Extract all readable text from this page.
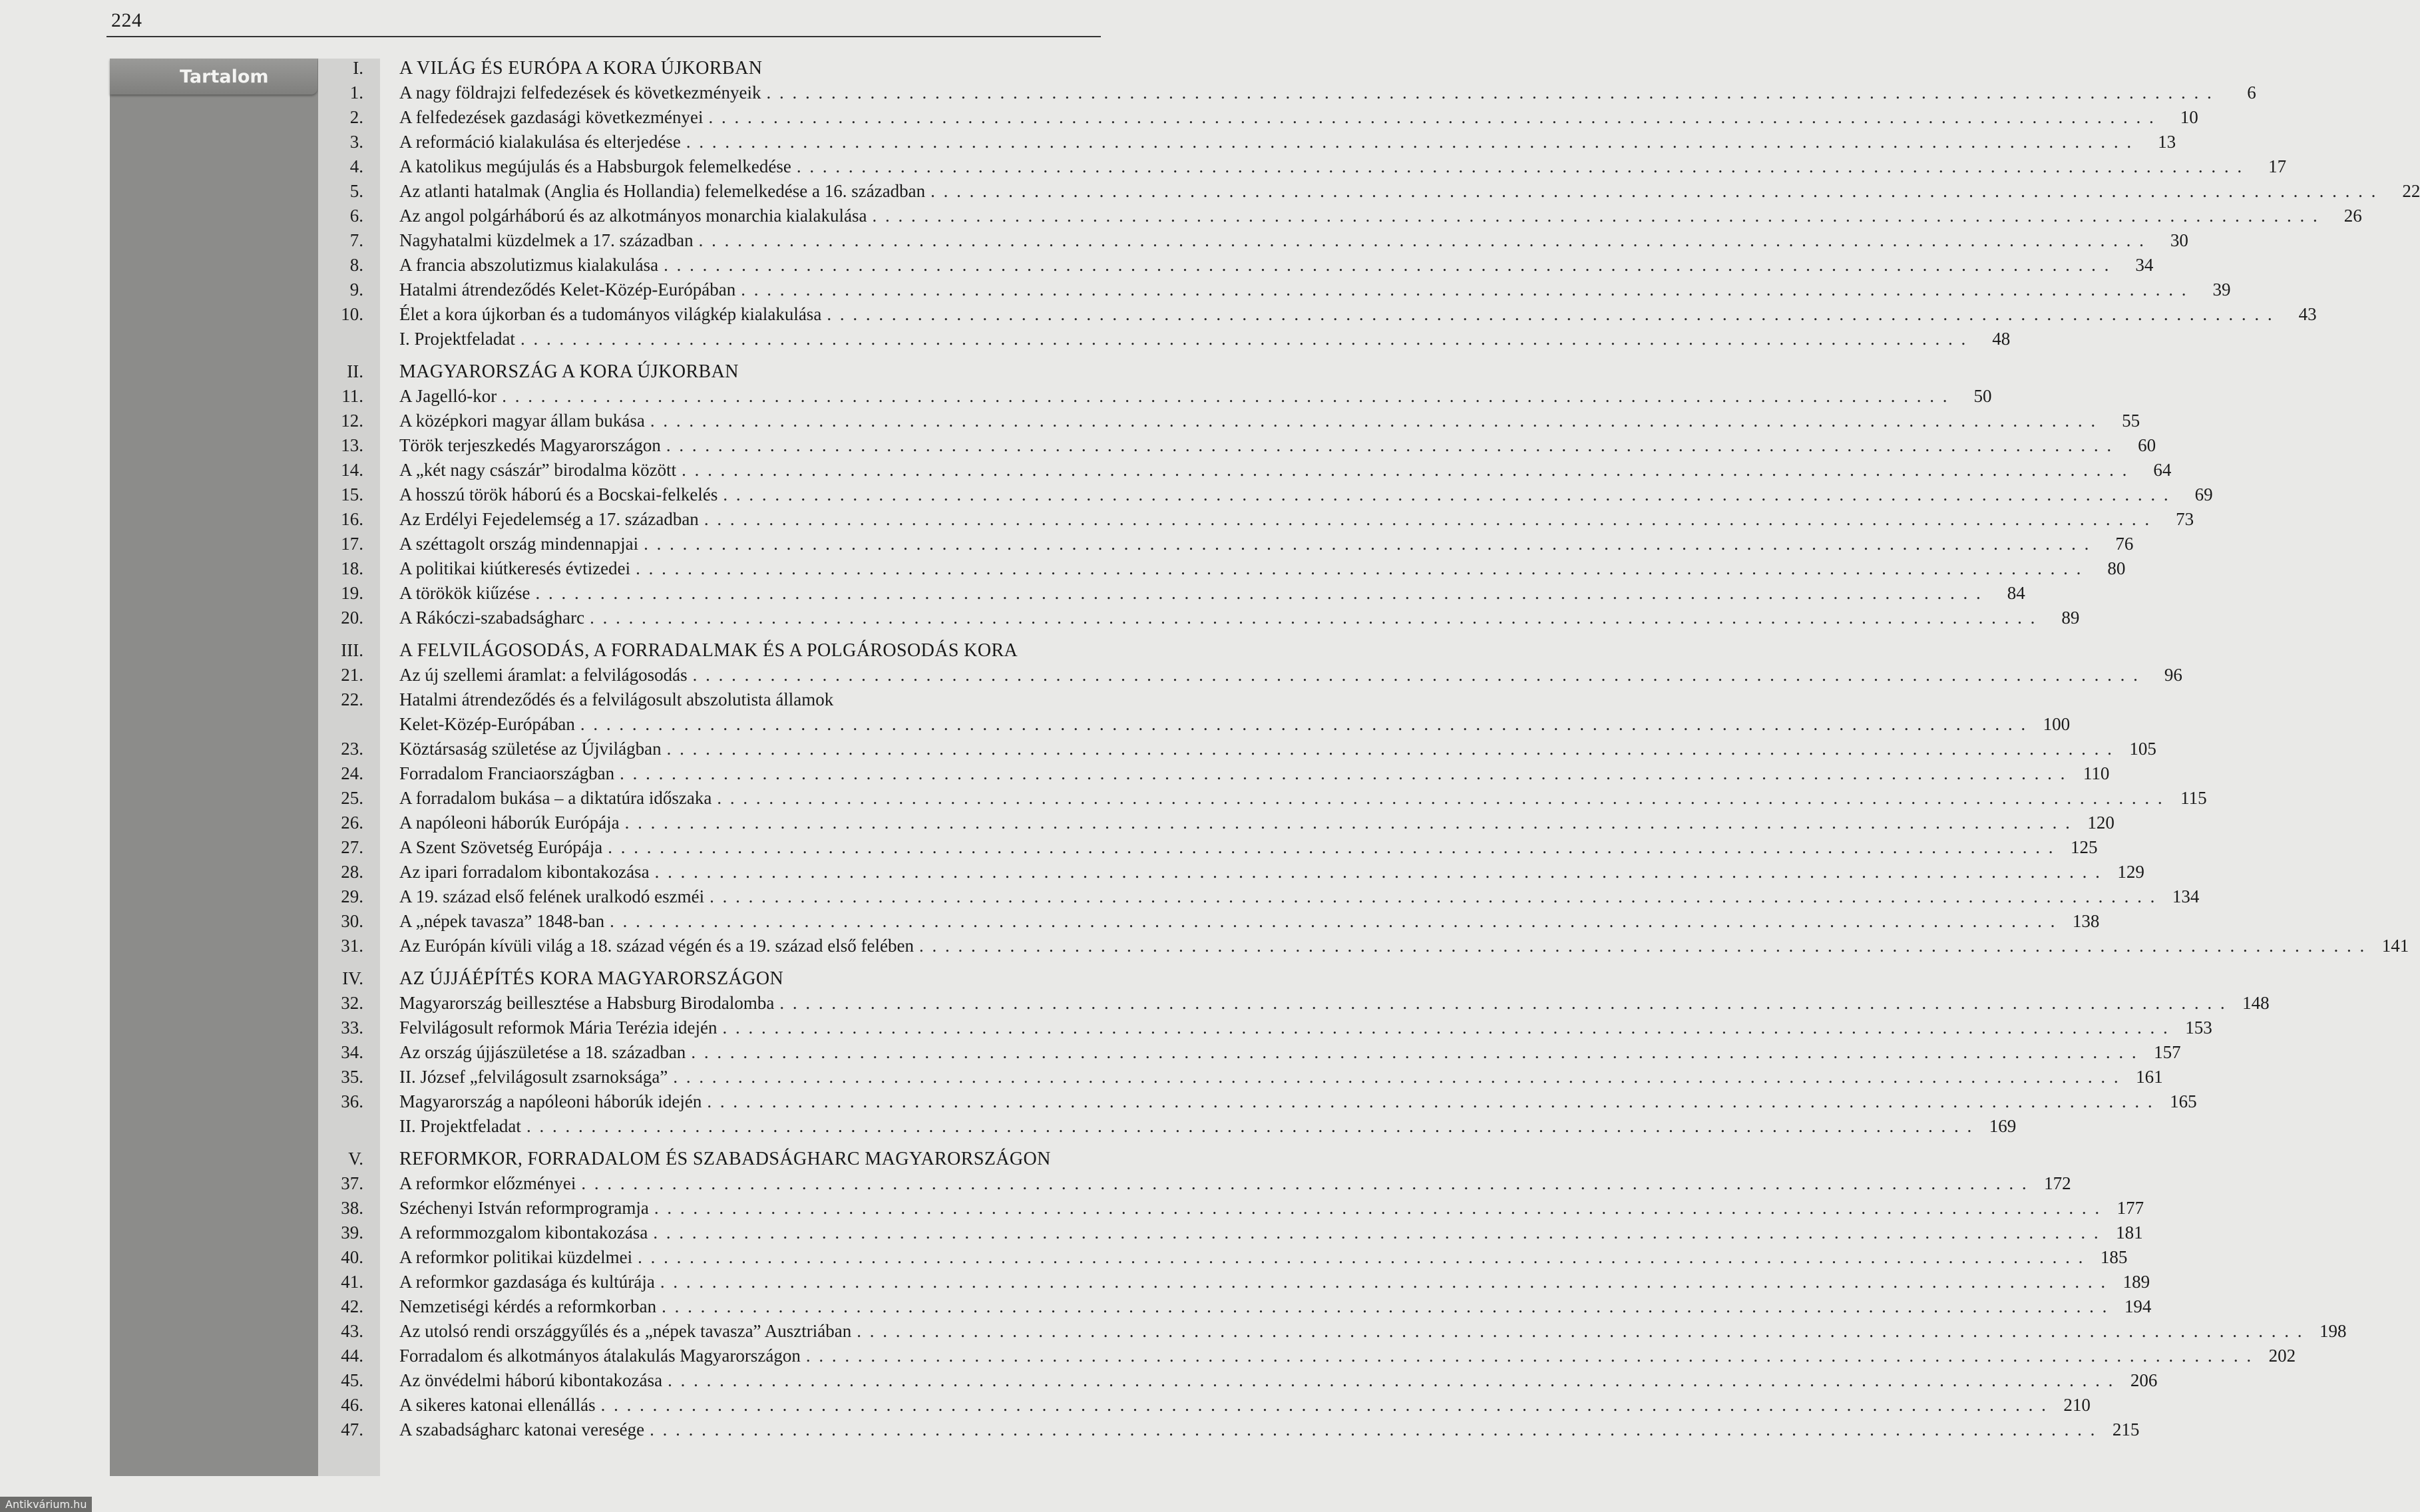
224
Tartalom	I. A VILÁG ÉS EURÓPA A KORA ÚJKORBAN
1. A nagy földrajzi felfedezések és következményeik . . .	6
2. A felfedezések gazdasági következményei . . .	10
3. A reformáció kialakulása és elterjedése . . .	13
4. A katolikus megújulás és a Habsburgok felemelkedése . . .	17
5. Az atlanti hatalmak (Anglia és Hollandia) felemelkedése a 16. században . . .	22
6. Az angol polgárháború és az alkotmányos monarchia kialakulása . . .	26
7. Nagyhatalmi küzdelmek a 17. században . . .	30
8. A francia abszolutizmus kialakulása . . .	34
9. Hatalmi átrendeződés Kelet-Közép-Európában . . .	39
10. Élet a kora újkorban és a tudományos világkép kialakulása . . .	43
I. Projektfeladat . . .	48
II. MAGYARORSZÁG A KORA ÚJKORBAN
11. A Jagelló-kor . . .	50
12. A középkori magyar állam bukása . . .	55
13. Török terjeszkedés Magyarországon . . .	60
14. A „két nagy császár” birodalma között . . .	64
15. A hosszú török háború és a Bocskai-felkelés . . .	69
16. Az Erdélyi Fejedelemség a 17. században . . .	73
17. A széttagolt ország mindennapjai . . .	76
18. A politikai kiútkeresés évtizedei . . .	80
19. A törökök kiűzése . . .	84
20. A Rákóczi-szabadságharc . . .	89
III. A FELVILÁGOSODÁS, A FORRADALMAK ÉS A POLGÁROSODÁS KORA
21. Az új szellemi áramlat: a felvilágosodás . . .	96
22. Hatalmi átrendeződés és a felvilágosult abszolutista államok
Kelet-Közép-Európában . . .	100
23. Köztársaság születése az Újvilágban . . .	105
24. Forradalom Franciaországban . . .	110
25. A forradalom bukása – a diktatúra időszaka . . .	115
26. A napóleoni háborúk Európája . . .	120
27. A Szent Szövetség Európája . . .	125
28. Az ipari forradalom kibontakozása . . .	129
29. A 19. század első felének uralkodó eszméi . . .	134
30. A „népek tavasza” 1848-ban . . .	138
31. Az Európán kívüli világ a 18. század végén és a 19. század első felében . . .	141
IV. AZ ÚJJÁÉPÍTÉS KORA MAGYARORSZÁGON
32. Magyarország beillesztése a Habsburg Birodalomba . . .	148
33. Felvilágosult reformok Mária Terézia idején . . .	153
34. Az ország újjászületése a 18. században . . .	157
35. II. József „felvilágosult zsarnoksága” . . .	161
36. Magyarország a napóleoni háborúk idején . . .	165
II. Projektfeladat . . .	169
V. REFORMKOR, FORRADALOM ÉS SZABADSÁGHARC MAGYARORSZÁGON
37. A reformkor előzményei . . .	172
38. Széchenyi István reformprogramja . . .	177
39. A reformmozgalom kibontakozása . . .	181
40. A reformkor politikai küzdelmei . . .	185
41. A reformkor gazdasága és kultúrája . . .	189
42. Nemzetiségi kérdés a reformkorban . . .	194
43. Az utolsó rendi országgyűlés és a „népek tavasza” Ausztriában . . .	198
44. Forradalom és alkotmányos átalakulás Magyarországon . . .	202
45. Az önvédelmi háború kibontakozása . . .	206
46. A sikeres katonai ellenállás . . .	210
47. A szabadságharc katonai veresége . . .	215
Antikvárium.hu
